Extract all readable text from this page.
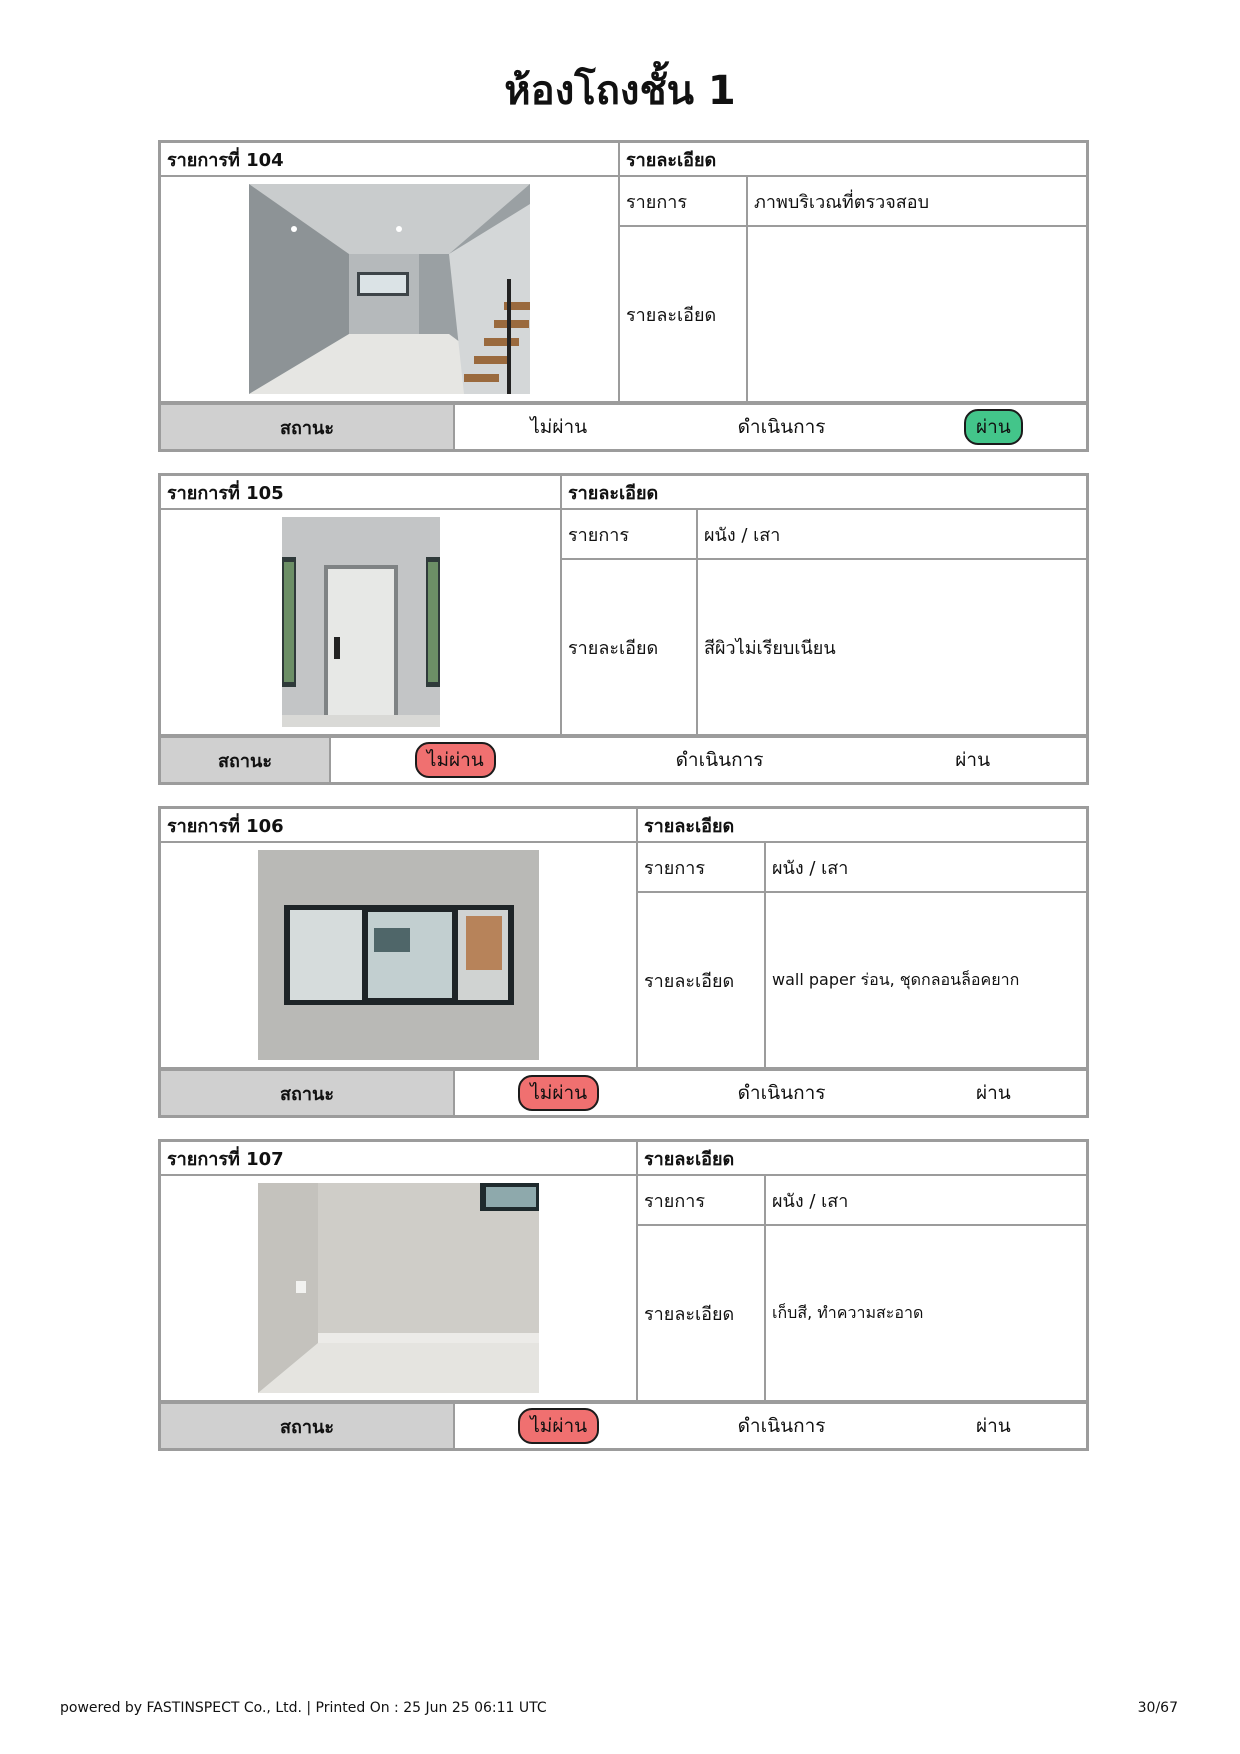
ห้องโถงชั้น 1
รายการที่ 104	รายละเอียด	
	รายการ	ภาพบริเวณที่ตรวจสอบ
	รายละเอียด	
สถานะ	ไม่ผ่าน	ดำเนินการ	ผ่าน
รายการที่ 105	รายละเอียด	
	รายการ	ผนัง / เสา
	รายละเอียด	สีผิวไม่เรียบเนียน
สถานะ	ไม่ผ่าน	ดำเนินการ	ผ่าน
รายการที่ 106	รายละเอียด	
	รายการ	ผนัง / เสา
	รายละเอียด	wall paper ร่อน, ชุดกลอนล็อคยาก
สถานะ	ไม่ผ่าน	ดำเนินการ	ผ่าน
รายการที่ 107	รายละเอียด	
	รายการ	ผนัง / เสา
	รายละเอียด	เก็บสี, ทำความสะอาด
สถานะ	ไม่ผ่าน	ดำเนินการ	ผ่าน
powered by FASTINSPECT Co., Ltd. | Printed On : 25 Jun 25 06:11 UTC	30/67
